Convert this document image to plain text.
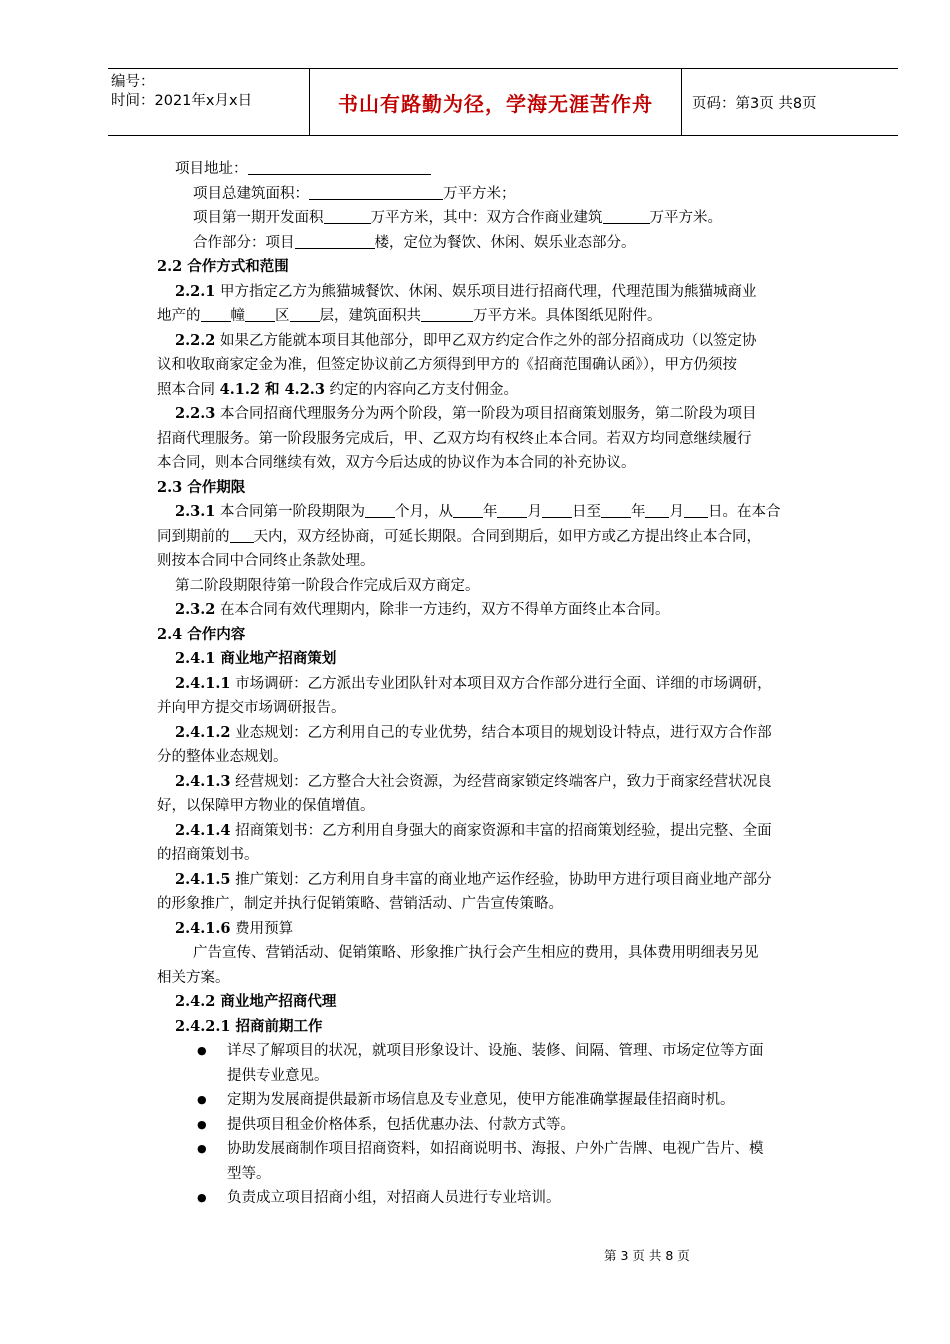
编号：
时间：2021年x月x日	书山有路勤为径，学海无涯苦作舟	页码：第3页 共8页
项目地址：
项目总建筑面积：	万平方米；
项目第一期开发面积	万平方米，其中：双方合作商业建筑	万平方米。
合作部分：项目	楼，定位为餐饮、休闲、娱乐业态部分。
2.2 合作方式和范围
2.2.1 甲方指定乙方为熊猫城餐饮、休闲、娱乐项目进行招商代理，代理范围为熊猫城商业
地产的 幢 区 层，建筑面积共	万平方米。具体图纸见附件。
2.2.2 如果乙方能就本项目其他部分，即甲乙双方约定合作之外的部分招商成功（以签定协
议和收取商家定金为准，但签定协议前乙方须得到甲方的《招商范围确认函》），甲方仍须按
照本合同 4.1.2 和 4.2.3 约定的内容向乙方支付佣金。
2.2.3 本合同招商代理服务分为两个阶段，第一阶段为项目招商策划服务，第二阶段为项目
招商代理服务。第一阶段服务完成后，甲、乙双方均有权终止本合同。若双方均同意继续履行
本合同，则本合同继续有效，双方今后达成的协议作为本合同的补充协议。
2.3 合作期限
2.3.1 本合同第一阶段期限为 个月，从 年 月 日至 年 月 日。在本合
同到期前的 天内，双方经协商，可延长期限。合同到期后，如甲方或乙方提出终止本合同，
则按本合同中合同终止条款处理。
第二阶段期限待第一阶段合作完成后双方商定。
2.3.2 在本合同有效代理期内，除非一方违约，双方不得单方面终止本合同。
2.4 合作内容
2.4.1 商业地产招商策划
2.4.1.1 市场调研：乙方派出专业团队针对本项目双方合作部分进行全面、详细的市场调研，
并向甲方提交市场调研报告。
2.4.1.2 业态规划：乙方利用自己的专业优势，结合本项目的规划设计特点，进行双方合作部
分的整体业态规划。
2.4.1.3 经营规划：乙方整合大社会资源，为经营商家锁定终端客户，致力于商家经营状况良
好，以保障甲方物业的保值增值。
2.4.1.4 招商策划书：乙方利用自身强大的商家资源和丰富的招商策划经验，提出完整、全面
的招商策划书。
2.4.1.5 推广策划：乙方利用自身丰富的商业地产运作经验，协助甲方进行项目商业地产部分
的形象推广，制定并执行促销策略、营销活动、广告宣传策略。
2.4.1.6 费用预算
广告宣传、营销活动、促销策略、形象推广执行会产生相应的费用，具体费用明细表另见
相关方案。
2.4.2 商业地产招商代理
2.4.2.1 招商前期工作
● 详尽了解项目的状况，就项目形象设计、设施、装修、间隔、管理、市场定位等方面
提供专业意见。
● 定期为发展商提供最新市场信息及专业意见，使甲方能准确掌握最佳招商时机。
● 提供项目租金价格体系，包括优惠办法、付款方式等。
● 协助发展商制作项目招商资料，如招商说明书、海报、户外广告牌、电视广告片、模
型等。
● 负责成立项目招商小组，对招商人员进行专业培训。
第 3 页 共 8 页
